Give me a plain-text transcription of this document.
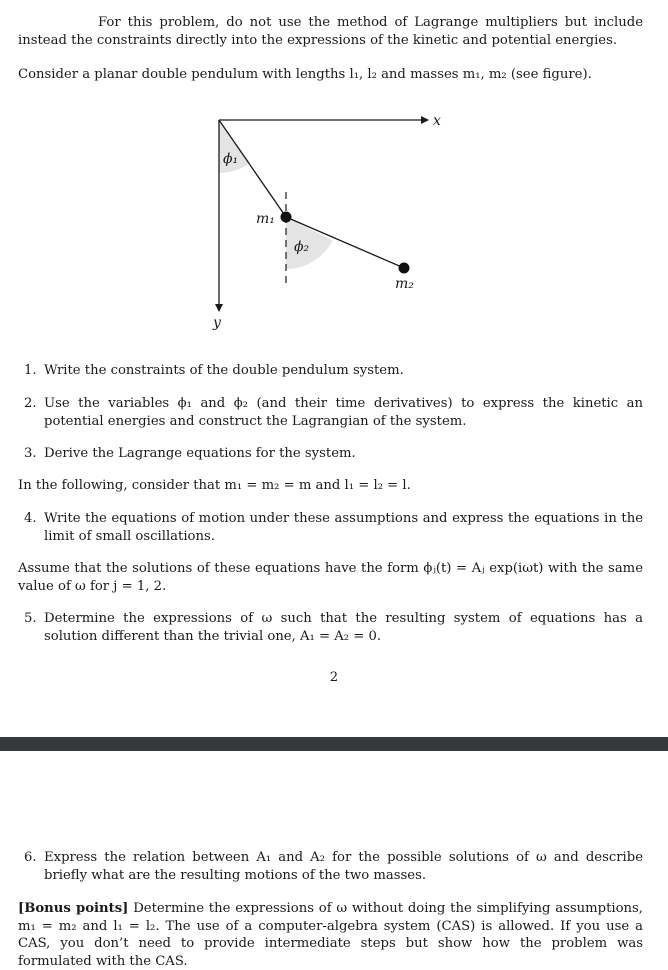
For this problem, do not use the method of Lagrange multipliers but include instead the constraints directly into the expressions of the kinetic and potential energies.
Consider a planar double pendulum with lengths l₁, l₂ and masses m₁, m₂ (see figure).
x
y
ϕ₁
ϕ₂
m₁
m₂
1. Write the constraints of the double pendulum system.
2. Use the variables ϕ₁ and ϕ₂ (and their time derivatives) to express the kinetic an potential energies and construct the Lagrangian of the system.
3. Derive the Lagrange equations for the system.
In the following, consider that m₁ = m₂ = m and l₁ = l₂ = l.
4. Write the equations of motion under these assumptions and express the equations in the limit of small oscillations.
Assume that the solutions of these equations have the form ϕⱼ(t) = Aⱼ exp(iωt) with the same value of ω for j = 1, 2.
5. Determine the expressions of ω such that the resulting system of equations has a solution different than the trivial one, A₁ = A₂ = 0.
2
6. Express the relation between A₁ and A₂ for the possible solutions of ω and describe briefly what are the resulting motions of the two masses.
[Bonus points] Determine the expressions of ω without doing the simplifying assumptions, m₁ = m₂ and l₁ = l₂. The use of a computer-algebra system (CAS) is allowed. If you use a CAS, you don’t need to provide intermediate steps but show how the problem was formulated with the CAS.
